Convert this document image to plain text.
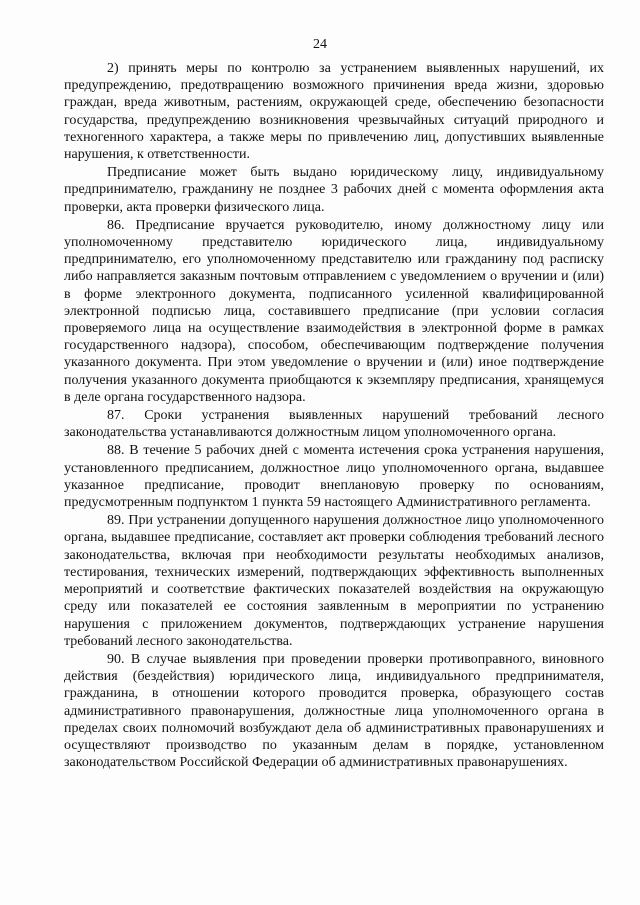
24

2) принять меры по контролю за устранением выявленных нарушений, их предупреждению, предотвращению возможного причинения вреда жизни, здоровью граждан, вреда животным, растениям, окружающей среде, обеспечению безопасности государства, предупреждению возникновения чрезвычайных ситуаций природного и техногенного характера, а также меры по привлечению лиц, допустивших выявленные нарушения, к ответственности.

Предписание может быть выдано юридическому лицу, индивидуальному предпринимателю, гражданину не позднее 3 рабочих дней с момента оформления акта проверки, акта проверки физического лица.

86. Предписание вручается руководителю, иному должностному лицу или уполномоченному представителю юридического лица, индивидуальному предпринимателю, его уполномоченному представителю или гражданину под расписку либо направляется заказным почтовым отправлением с уведомлением о вручении и (или) в форме электронного документа, подписанного усиленной квалифицированной электронной подписью лица, составившего предписание (при условии согласия проверяемого лица на осуществление взаимодействия в электронной форме в рамках государственного надзора), способом, обеспечивающим подтверждение получения указанного документа. При этом уведомление о вручении и (или) иное подтверждение получения указанного документа приобщаются к экземпляру предписания, хранящемуся в деле органа государственного надзора.

87. Сроки устранения выявленных нарушений требований лесного законодательства устанавливаются должностным лицом уполномоченного органа.

88. В течение 5 рабочих дней с момента истечения срока устранения нарушения, установленного предписанием, должностное лицо уполномоченного органа, выдавшее указанное предписание, проводит внеплановую проверку по основаниям, предусмотренным подпунктом 1 пункта 59 настоящего Административного регламента.

89. При устранении допущенного нарушения должностное лицо уполномоченного органа, выдавшее предписание, составляет акт проверки соблюдения требований лесного законодательства, включая при необходимости результаты необходимых анализов, тестирования, технических измерений, подтверждающих эффективность выполненных мероприятий и соответствие фактических показателей воздействия на окружающую среду или показателей ее состояния заявленным в мероприятии по устранению нарушения с приложением документов, подтверждающих устранение нарушения требований лесного законодательства.

90. В случае выявления при проведении проверки противоправного, виновного действия (бездействия) юридического лица, индивидуального предпринимателя, гражданина, в отношении которого проводится проверка, образующего состав административного правонарушения, должностные лица уполномоченного органа в пределах своих полномочий возбуждают дела об административных правонарушениях и осуществляют производство по указанным делам в порядке, установленном законодательством Российской Федерации об административных правонарушениях.
